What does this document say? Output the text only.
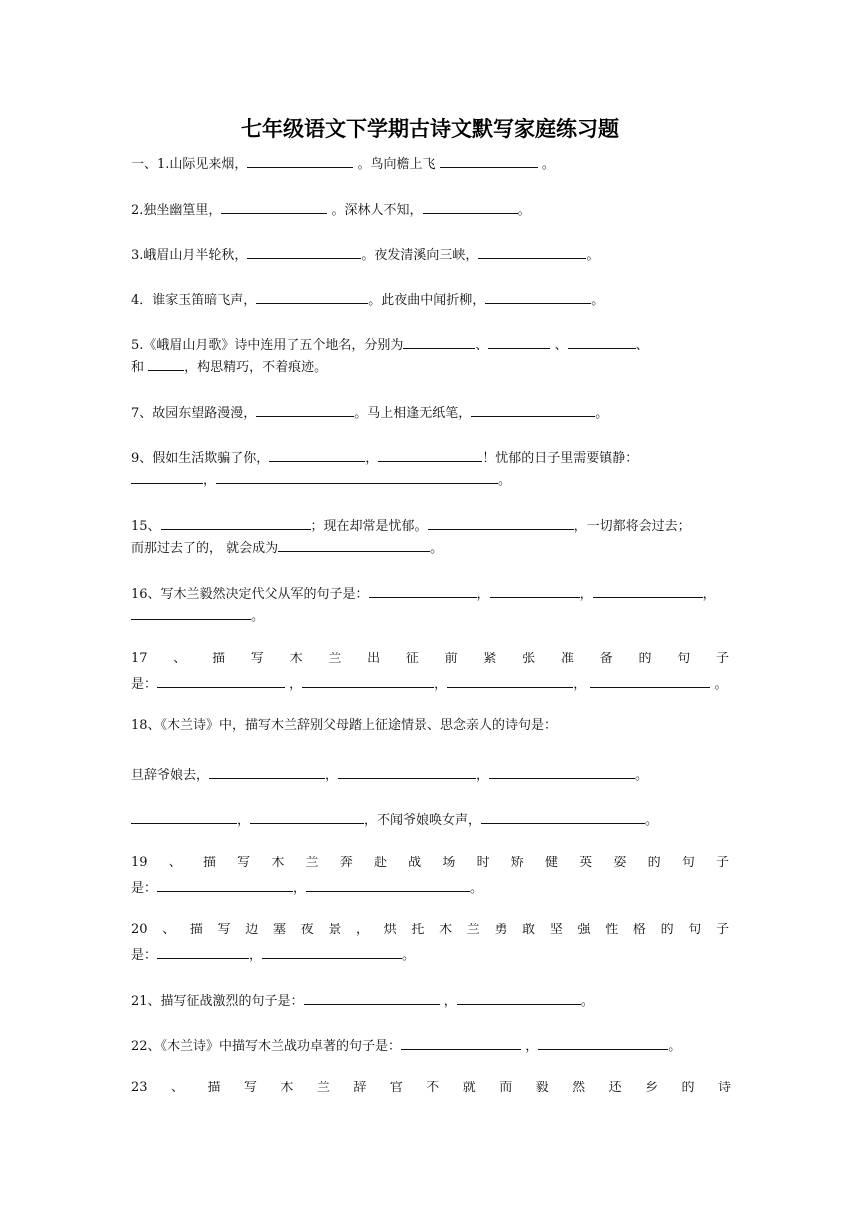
七年级语文下学期古诗文默写家庭练习题
一、1.山际见来烟，	。鸟向檐上飞	。
2.独坐幽篁里，	。深林人不知，	。
3.峨眉山月半轮秋，	。夜发清溪向三峡，	。
4．谁家玉笛暗飞声，	。此夜曲中闻折柳，	。
5.《峨眉山月歌》诗中连用了五个地名，分别为	、	、	、
和	，构思精巧，不着痕迹。
7、故园东望路漫漫，	。马上相逢无纸笔，	。
9、假如生活欺骗了你，	，	！忧郁的日子里需要镇静：
，	。
15、	；现在却常是忧郁。	，一切都将会过去；
而那过去了的， 就会成为	。
16、写木兰毅然决定代父从军的句子是：	，	，	，
。
17、描写木兰出征前紧张准备的句子
是：	，	，	，	。
18、《木兰诗》中，描写木兰辞别父母踏上征途情景、思念亲人的诗句是：
旦辞爷娘去，	，	，	。
，	，不闻爷娘唤女声，	。
19、描写木兰奔赴战场时矫健英姿的句子
是：	，	。
20、描写边塞夜景，烘托木兰勇敢坚强性格的句子
是：	，	。
21、描写征战激烈的句子是：	，	。
22、《木兰诗》中描写木兰战功卓著的句子是：	，	。
23、描写木兰辞官不就而毅然还乡的诗
